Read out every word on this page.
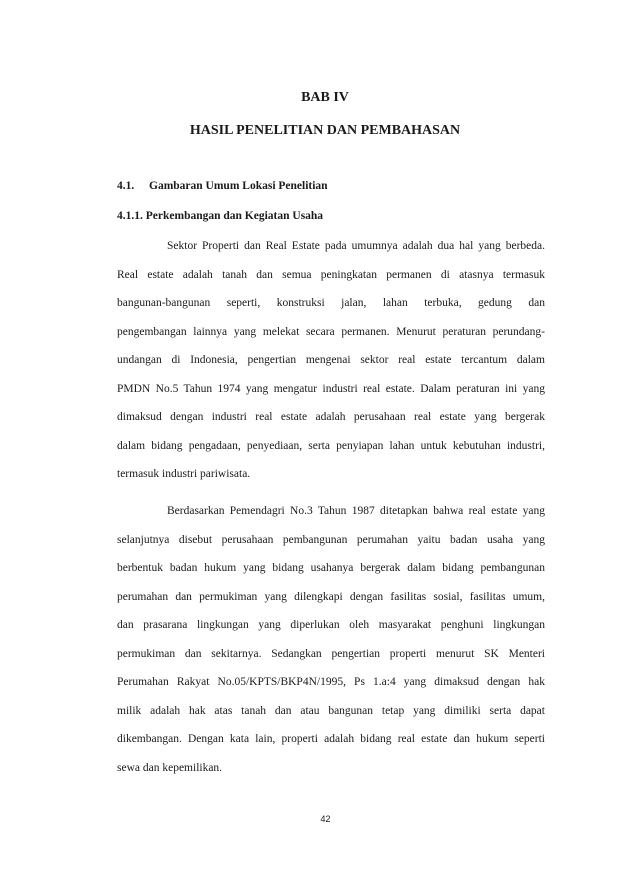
BAB IV
HASIL PENELITIAN DAN PEMBAHASAN
4.1. Gambaran Umum Lokasi Penelitian
4.1.1. Perkembangan dan Kegiatan Usaha
Sektor Properti dan Real Estate pada umumnya adalah dua hal yang berbeda.
Real estate adalah tanah dan semua peningkatan permanen di atasnya termasuk
bangunan-bangunan seperti, konstruksi jalan, lahan terbuka, gedung dan
pengembangan lainnya yang melekat secara permanen. Menurut peraturan perundang-
undangan di Indonesia, pengertian mengenai sektor real estate tercantum dalam
PMDN No.5 Tahun 1974 yang mengatur industri real estate. Dalam peraturan ini yang
dimaksud dengan industri real estate adalah perusahaan real estate yang bergerak
dalam bidang pengadaan, penyediaan, serta penyiapan lahan untuk kebutuhan industri,
termasuk industri pariwisata.
Berdasarkan Pemendagri No.3 Tahun 1987 ditetapkan bahwa real estate yang
selanjutnya disebut perusahaan pembangunan perumahan yaitu badan usaha yang
berbentuk badan hukum yang bidang usahanya bergerak dalam bidang pembangunan
perumahan dan permukiman yang dilengkapi dengan fasilitas sosial, fasilitas umum,
dan prasarana lingkungan yang diperlukan oleh masyarakat penghuni lingkungan
permukiman dan sekitarnya. Sedangkan pengertian properti menurut SK Menteri
Perumahan Rakyat No.05/KPTS/BKP4N/1995, Ps 1.a:4 yang dimaksud dengan hak
milik adalah hak atas tanah dan atau bangunan tetap yang dimiliki serta dapat
dikembangan. Dengan kata lain, properti adalah bidang real estate dan hukum seperti
sewa dan kepemilikan.
42
